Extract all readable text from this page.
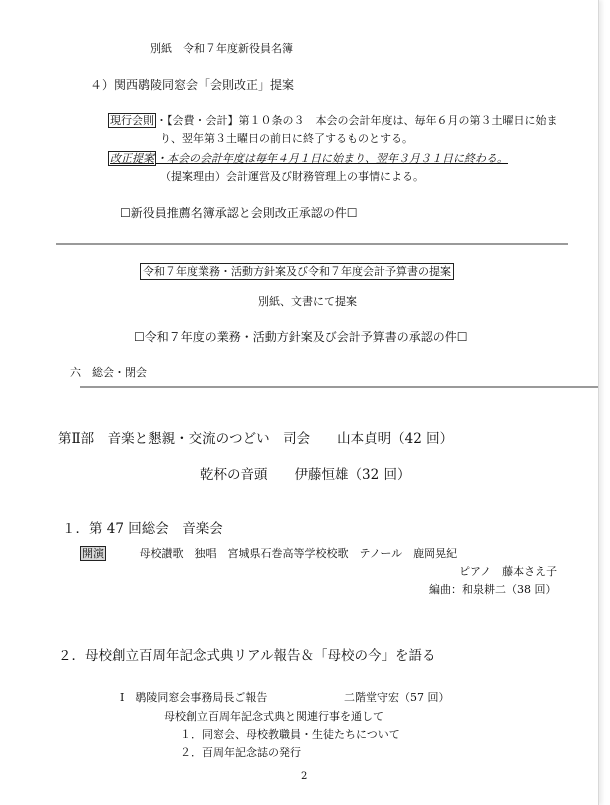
別紙　令和７年度新役員名簿
４）関西鹖陵同窓会「会則改正」提案
現行会則 ・【会費・会計】第１０条の３　本会の会計年度は、毎年６月の第３土曜日に始ま
り、翌年第３土曜日の前日に終了するものとする。
改正提案 ・本会の会計年度は毎年４月１日に始まり、翌年３月３１日に終わる。
（提案理由）会計運営及び財務管理上の事情による。
☐新役員推薦名簿承認と会則改正承認の件☐
令和７年度業務・活動方針案及び令和７年度会計予算書の提案
別紙、文書にて提案
☐令和７年度の業務・活動方針案及び会計予算書の承認の件☐
六　総会・閉会
第Ⅱ部　音楽と懇親・交流のつどい　司会　　山本貞明（42 回）
乾杯の音頭　　伊藤恒雄（32 回）
１．第 47 回総会　音楽会
開演	母校讃歌　独唱　宮城県石巻高等学校校歌　テノール　鹿岡晃紀
ピアノ　藤本さえ子
編曲：和泉耕二（38 回）
２．母校創立百周年記念式典リアル報告＆「母校の今」を語る
Ⅰ　鹖陵同窓会事務局長ご報告	二階堂守宏（57 回）
母校創立百周年記念式典と関連行事を通して
１．同窓会、母校教職員・生徒たちについて
２．百周年記念誌の発行
2
